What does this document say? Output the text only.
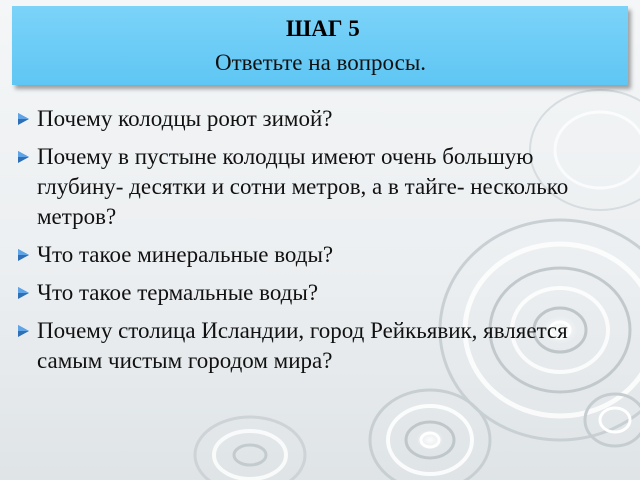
ШАГ 5
Ответьте на вопросы.
Почему колодцы роют зимой?
Почему в пустыне колодцы имеют очень большую глубину- десятки и сотни метров, а в тайге- несколько метров?
Что такое минеральные воды?
Что такое термальные воды?
Почему столица Исландии, город Рейкьявик, является самым чистым городом мира?
